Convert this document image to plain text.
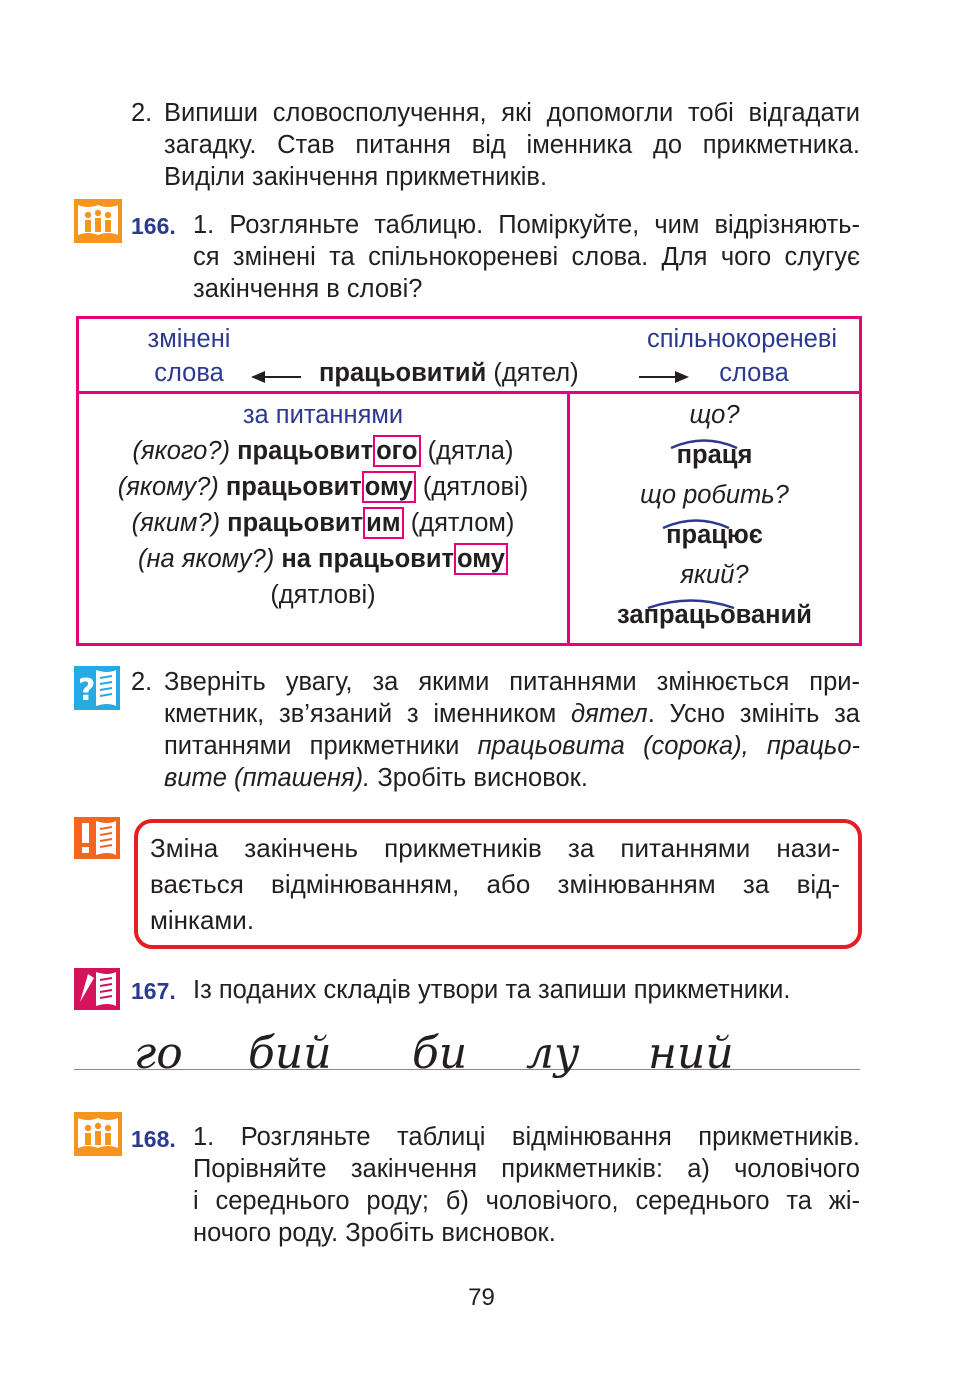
2. Випиши словосполучення, які допомогли тобі відгадати
загадку. Став питання від іменника до прикметника.
Виділи закінчення прикметників.
166. 1. Розгляньте таблицю. Поміркуйте, чим відрізняють-
ся змінені та спільнокореневі слова. Для чого слугує
закінчення в слові?
змінені
слова
спільнокореневі
слова
працьовитий (дятел)
за питаннями
(якого?) працьовит ого (дятла)
(якому?) працьовит ому (дятлові)
(яким?) працьовит им (дятлом)
(на якому?) на працьовит ому
(дятлові)
що?
праця
що робить?
працює
який?
запрацьований
? 2. Зверніть увагу, за якими питаннями змінюється при-
кметник, зв’язаний з іменником дятел. Усно змініть за
питаннями прикметники працьовита (сорока), працьо-
вите (пташеня). Зробіть висновок.
Зміна закінчень прикметників за питаннями нази-
вається відмінюванням, або змінюванням за від-
мінками.
167. Із поданих складів утвори та запиши прикметники.
го бий би лу ний
168. 1. Розгляньте таблиці відмінювання прикметників.
Порівняйте закінчення прикметників: а) чоловічого
і середнього роду; б) чоловічого, середнього та жі-
ночого роду. Зробіть висновок.
79
